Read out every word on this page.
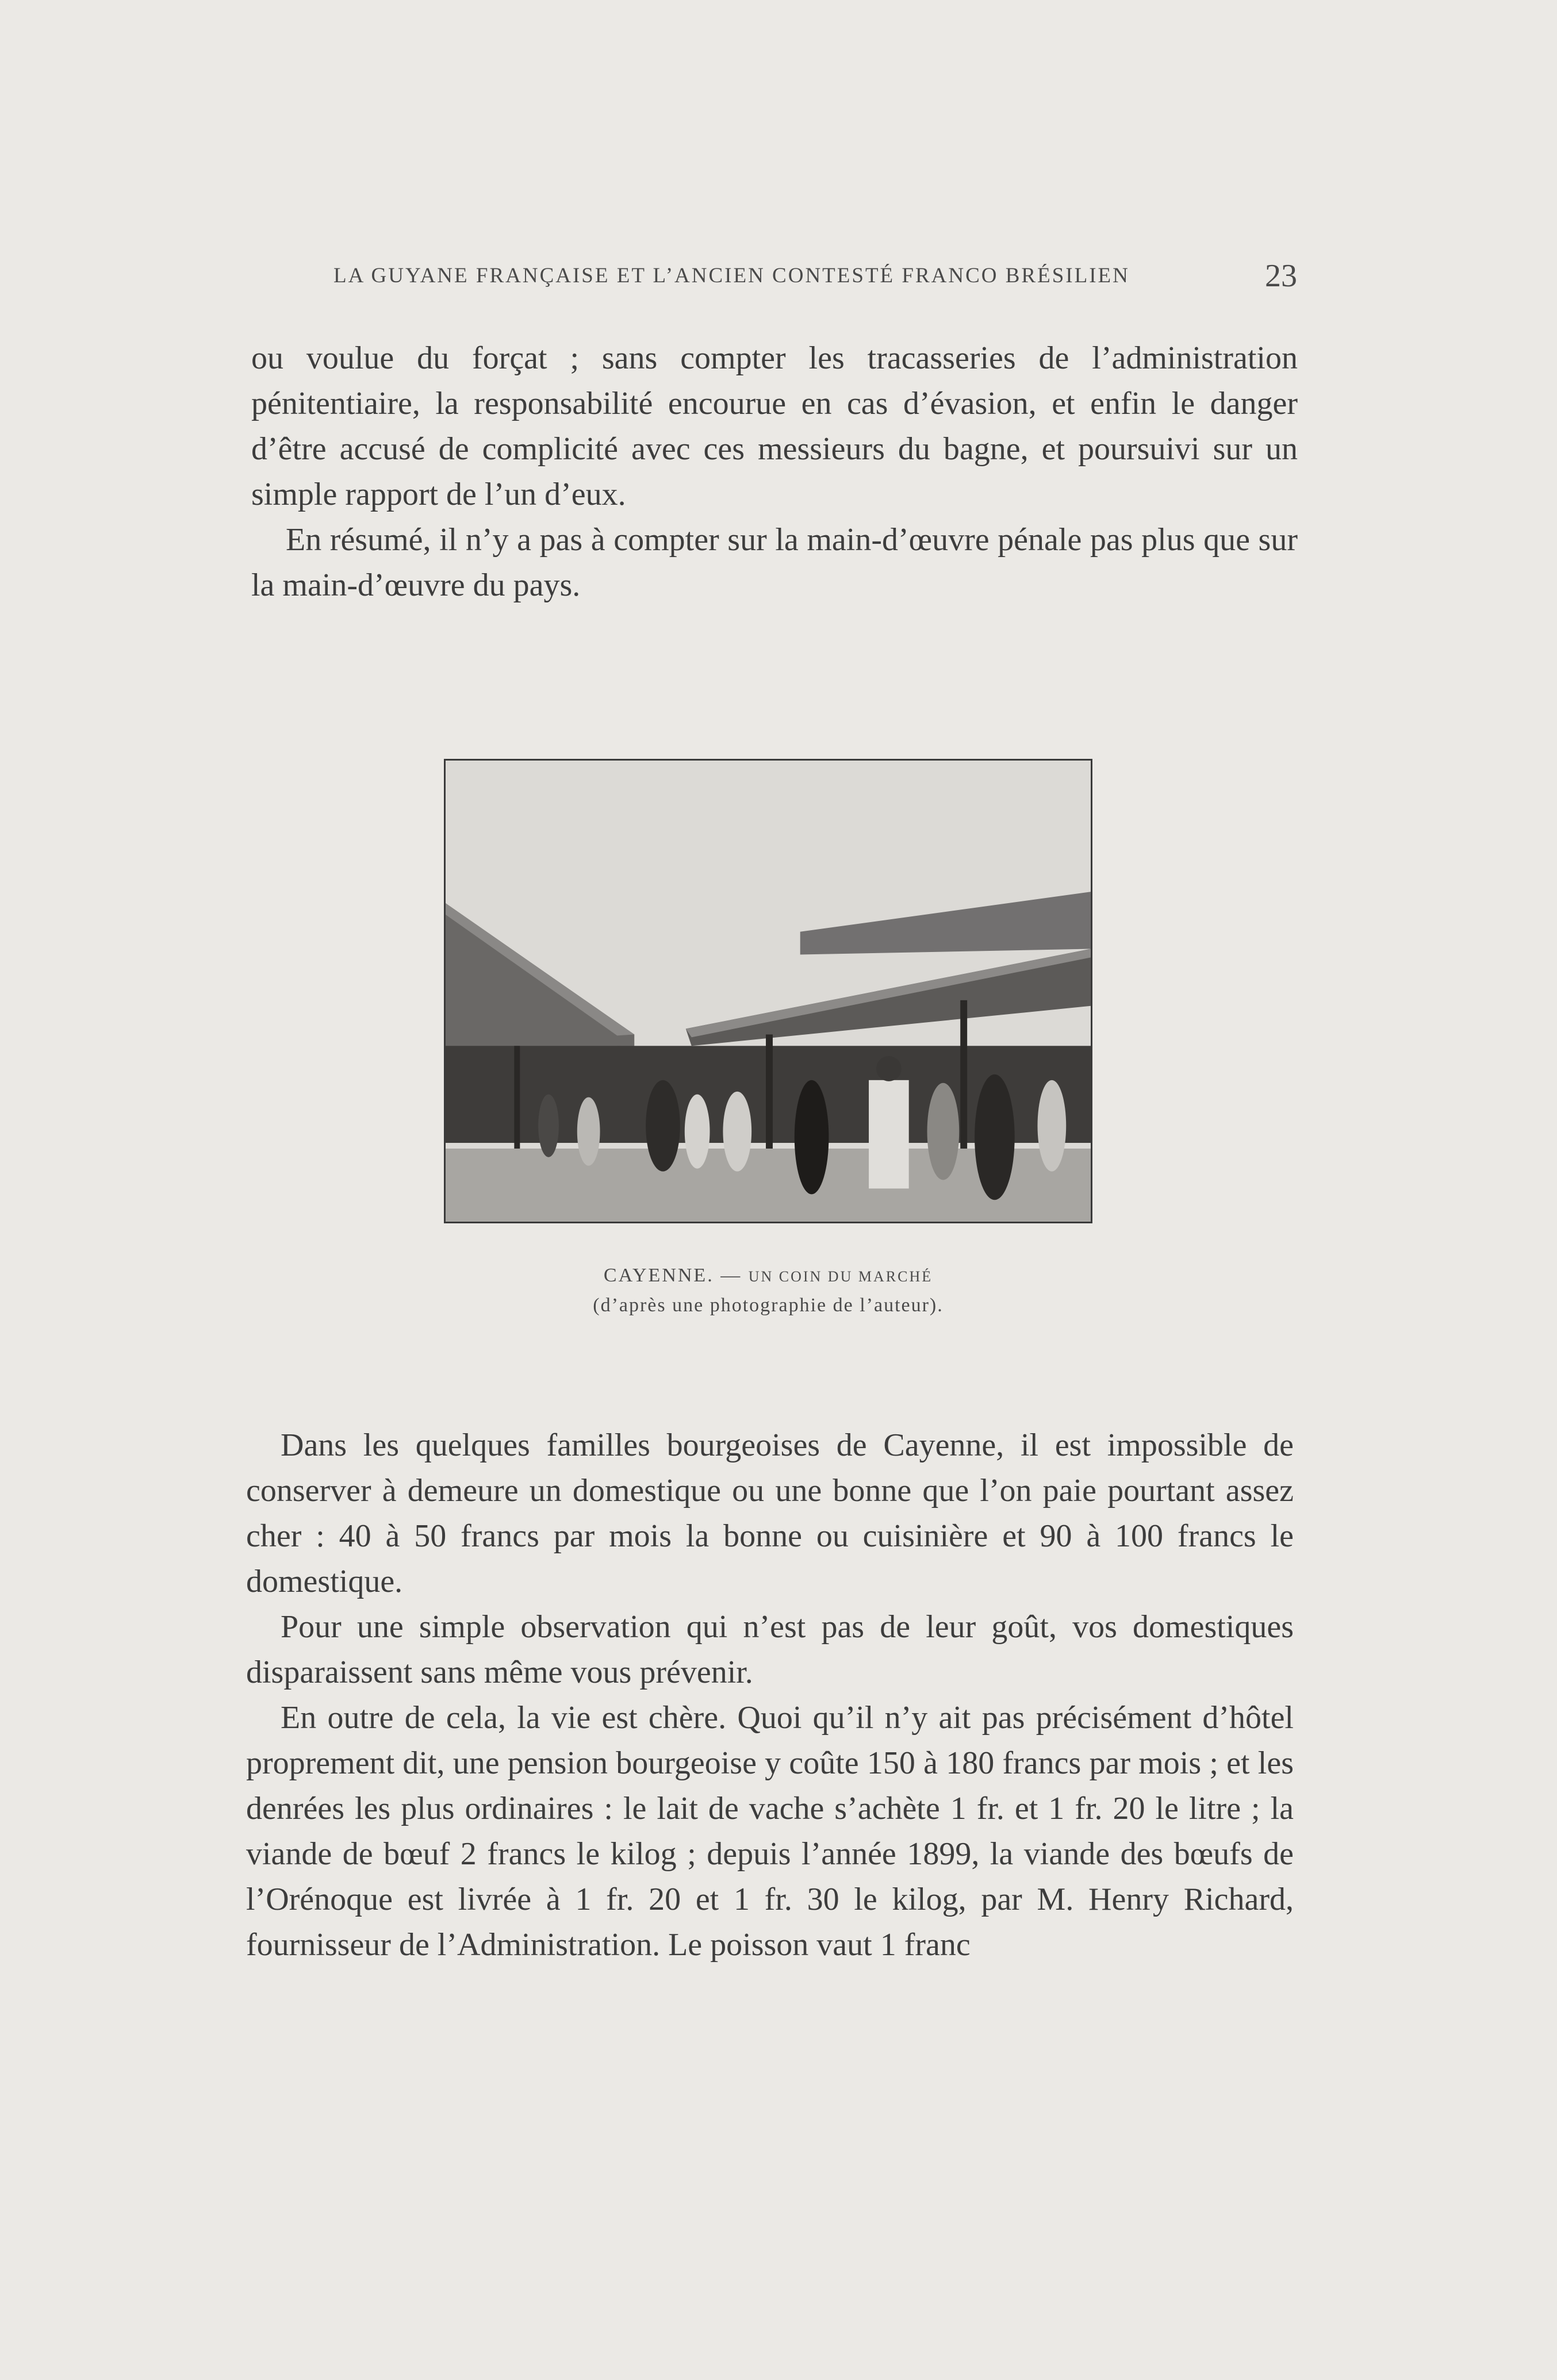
LA GUYANE FRANÇAISE ET L’ANCIEN CONTESTÉ FRANCO BRÉSILIEN	23

ou voulue du forçat ; sans compter les tracasseries de l’administration pénitentiaire, la responsabilité encourue en cas d’évasion, et enfin le danger d’être accusé de complicité avec ces messieurs du bagne, et poursuivi sur un simple rapport de l’un d’eux.

En résumé, il n’y a pas à compter sur la main-d’œuvre pénale pas plus que sur la main-d’œuvre du pays.

CAYENNE. — UN COIN DU MARCHÉ
(d’après une photographie de l’auteur).

Dans les quelques familles bourgeoises de Cayenne, il est impossible de conserver à demeure un domestique ou une bonne que l’on paie pourtant assez cher : 40 à 50 francs par mois la bonne ou cuisinière et 90 à 100 francs le domestique.

Pour une simple observation qui n’est pas de leur goût, vos domestiques disparaissent sans même vous prévenir.

En outre de cela, la vie est chère. Quoi qu’il n’y ait pas précisément d’hôtel proprement dit, une pension bourgeoise y coûte 150 à 180 francs par mois ; et les denrées les plus ordinaires : le lait de vache s’achète 1 fr. et 1 fr. 20 le litre ; la viande de bœuf 2 francs le kilog ; depuis l’année 1899, la viande des bœufs de l’Orénoque est livrée à 1 fr. 20 et 1 fr. 30 le kilog, par M. Henry Richard, fournisseur de l’Administration. Le poisson vaut 1 franc
